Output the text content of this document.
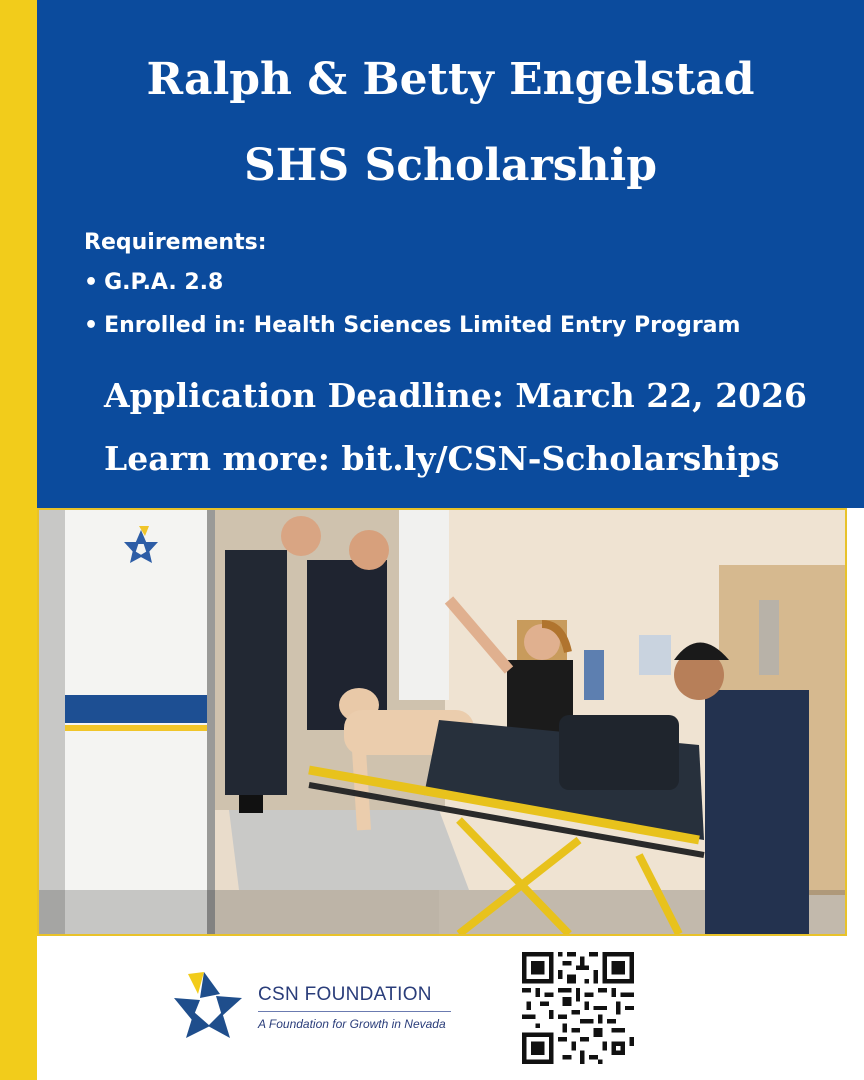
Ralph & Betty Engelstad
SHS Scholarship

Requirements:

• G.P.A. 2.8

• Enrolled in: Health Sciences Limited Entry Program

Application Deadline: March 22, 2026

Learn more: bit.ly/CSN-Scholarships

CSN FOUNDATION
A Foundation for Growth in Nevada
